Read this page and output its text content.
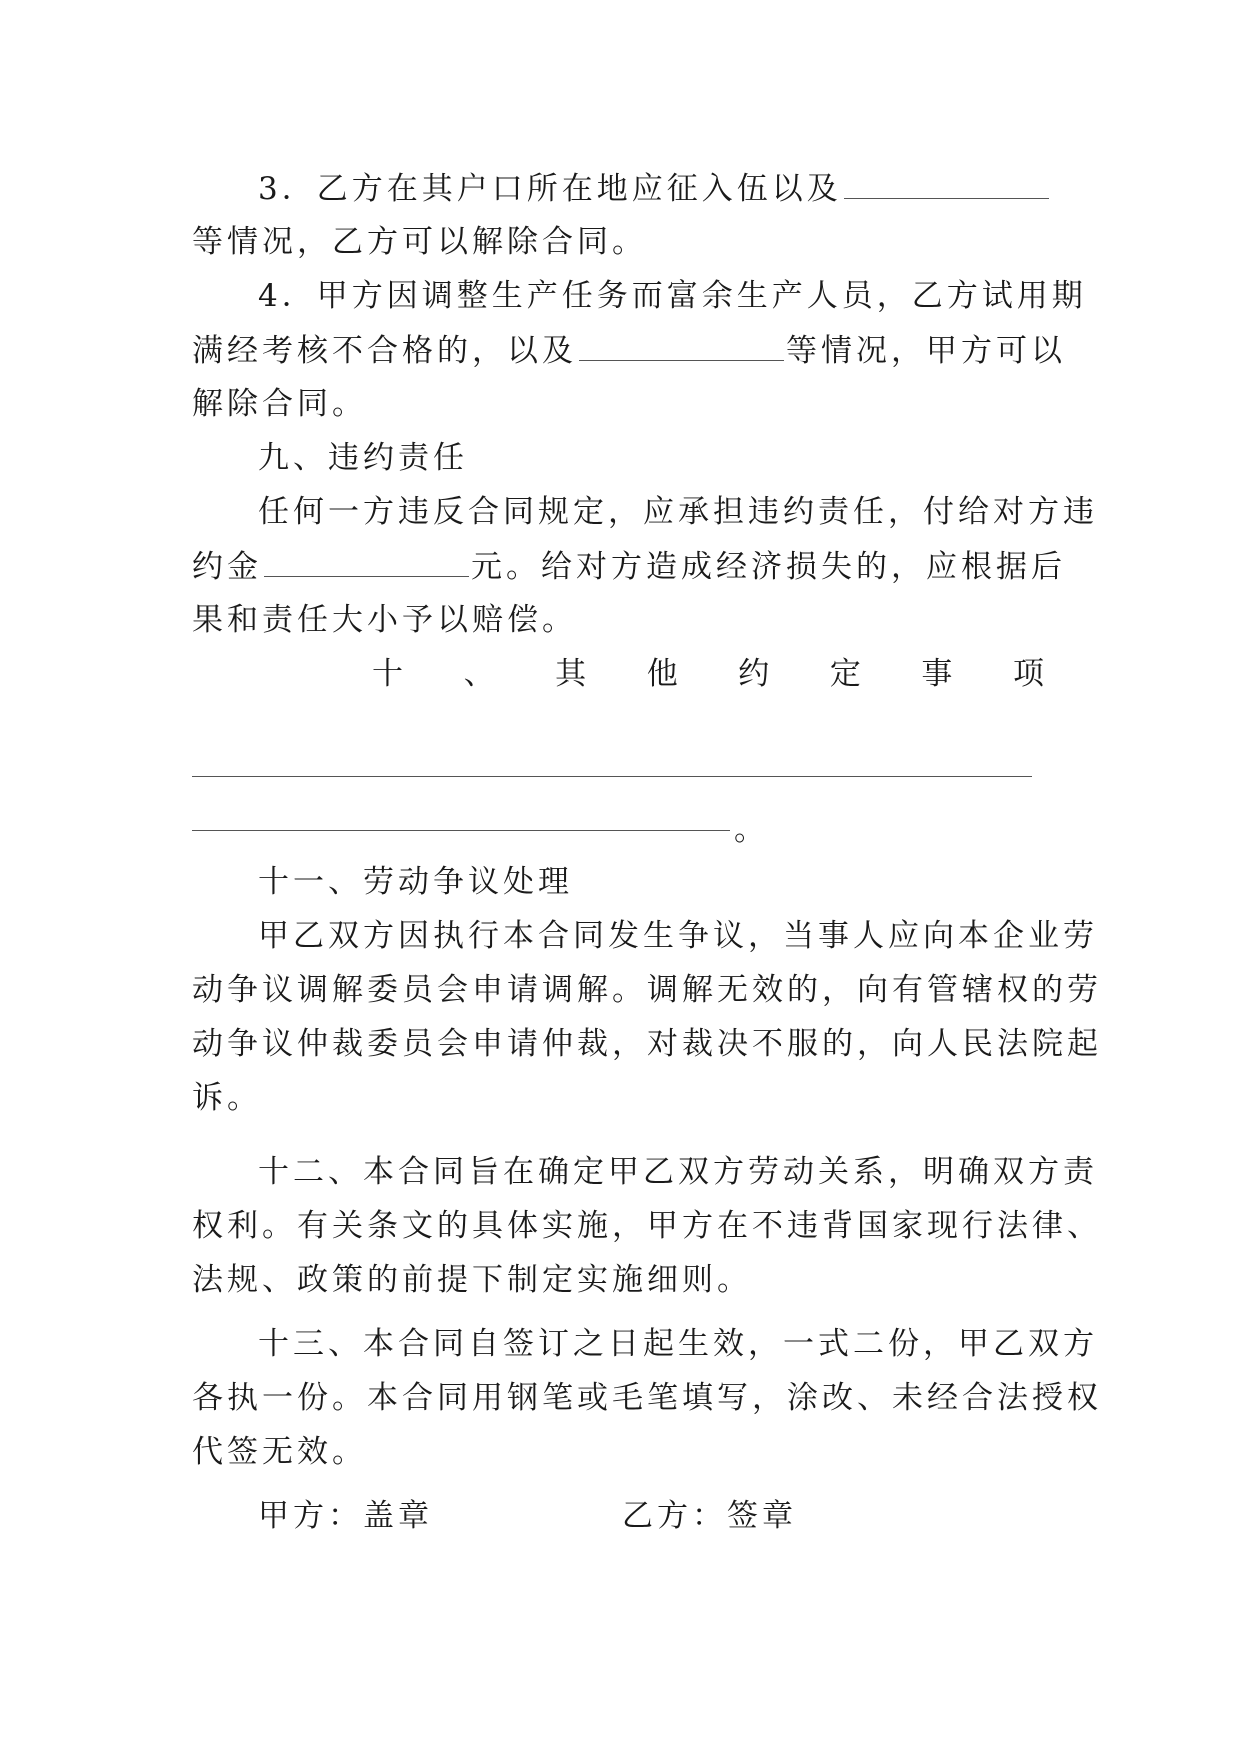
3．乙方在其户口所在地应征入伍以及
等情况，乙方可以解除合同。
4．甲方因调整生产任务而富余生产人员，乙方试用期
满经考核不合格的，以及	等情况，甲方可以
解除合同。
九、违约责任
任何一方违反合同规定，应承担违约责任，付给对方违
约金	元。给对方造成经济损失的，应根据后
果和责任大小予以赔偿。
十 、 其 他 约 定 事 项
。
十一、劳动争议处理
甲乙双方因执行本合同发生争议，当事人应向本企业劳
动争议调解委员会申请调解。调解无效的，向有管辖权的劳
动争议仲裁委员会申请仲裁，对裁决不服的，向人民法院起
诉。
十二、本合同旨在确定甲乙双方劳动关系，明确双方责
权利。有关条文的具体实施，甲方在不违背国家现行法律、
法规、政策的前提下制定实施细则。
十三、本合同自签订之日起生效，一式二份，甲乙双方
各执一份。本合同用钢笔或毛笔填写，涂改、未经合法授权
代签无效。
甲方：盖章	乙方：签章
